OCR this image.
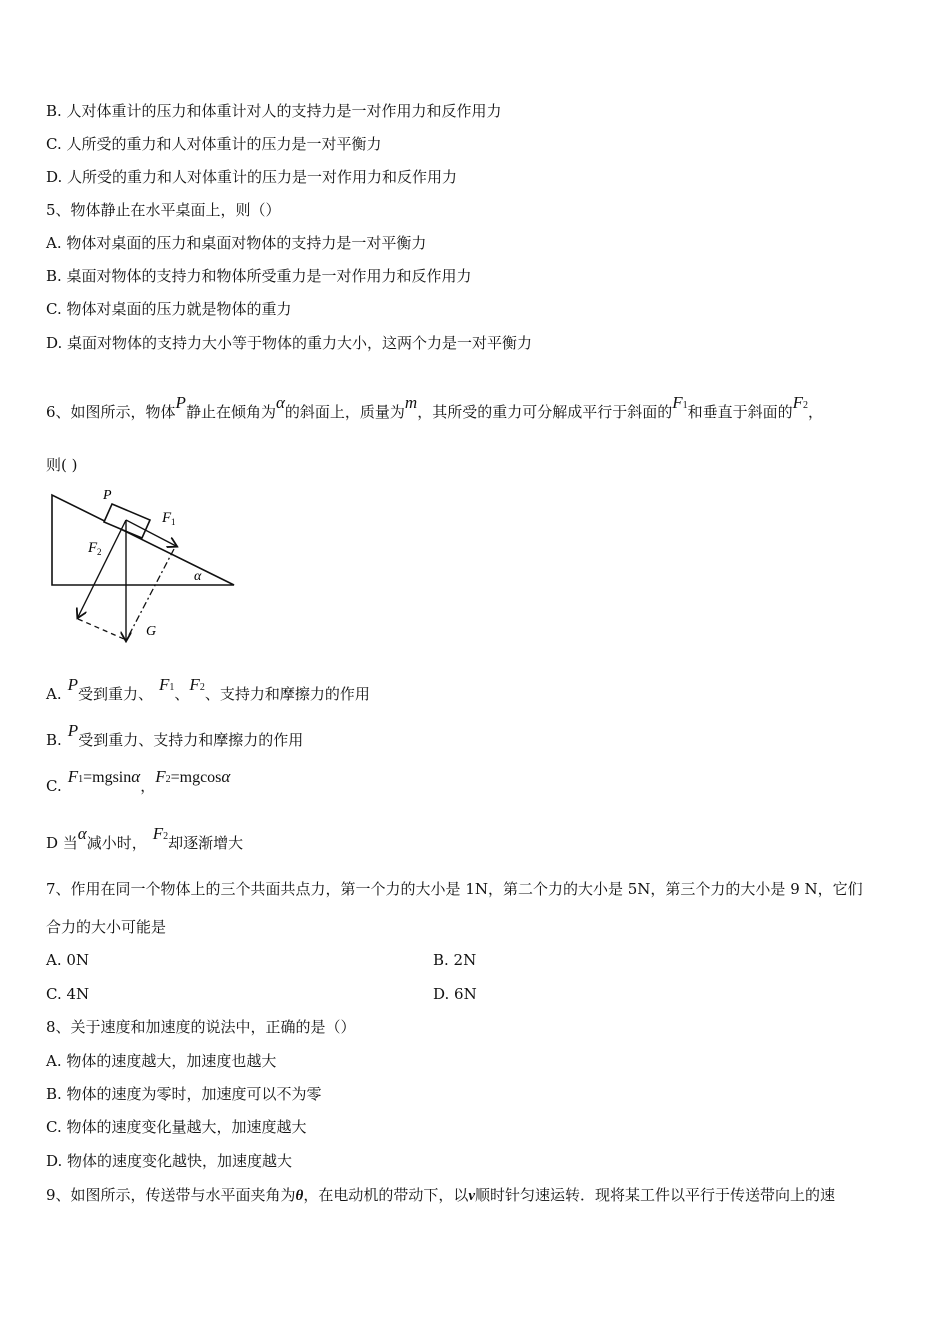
B. 人对体重计的压力和体重计对人的支持力是一对作用力和反作用力
C. 人所受的重力和人对体重计的压力是一对平衡力
D. 人所受的重力和人对体重计的压力是一对作用力和反作用力
5、物体静止在水平桌面上，则（）
A. 物体对桌面的压力和桌面对物体的支持力是一对平衡力
B. 桌面对物体的支持力和物体所受重力是一对作用力和反作用力
C. 物体对桌面的压力就是物体的重力
D. 桌面对物体的支持力大小等于物体的重力大小，这两个力是一对平衡力
6、如图所示，物体P静止在倾角为α的斜面上，质量为m，其所受的重力可分解成平行于斜面的F1和垂直于斜面的F2，
则( )
P
F 1
F 2
α
G
A. P受到重力、 F1、F2、支持力和摩擦力的作用
B. P受到重力、支持力和摩擦力的作用
C. F1=mgsinα，F2=mgcosα
D 当α减小时， F2却逐渐增大
7、作用在同一个物体上的三个共面共点力，第一个力的大小是 1N，第二个力的大小是 5N，第三个力的大小是 9 N，它们
合力的大小可能是
A. 0N	B. 2N
C. 4N	D. 6N
8、关于速度和加速度的说法中，正确的是（）
A. 物体的速度越大，加速度也越大
B. 物体的速度为零时，加速度可以不为零
C. 物体的速度变化量越大，加速度越大
D. 物体的速度变化越快，加速度越大
9、如图所示，传送带与水平面夹角为θ，在电动机的带动下，以v顺时针匀速运转．现将某工件以平行于传送带向上的速
